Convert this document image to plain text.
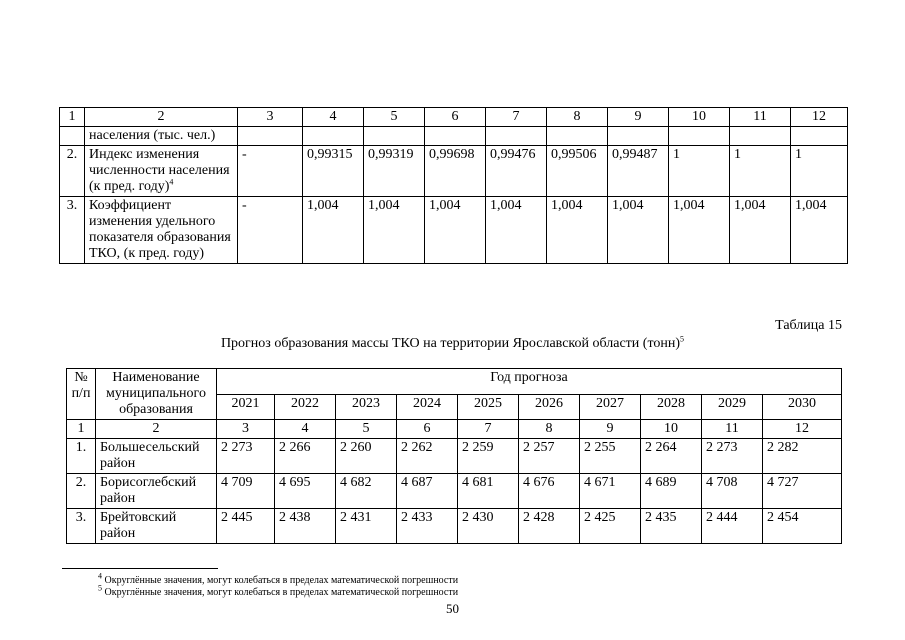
1	2	3	4	5	6	7	8	9	10	11	12	
	населения (тыс. чел.)											
2.	Индекс изменения численности населения (к пред. году)$^4$	-	0,99315	0,99319	0,99698	0,99476	0,99506	0,99487	1	1	1	
3.	Коэффициент изменения удельного показателя образования ТКО, (к пред. году)	-	1,004	1,004	1,004	1,004	1,004	1,004	1,004	1,004	1,004	
Таблица 15
Прогноз образования массы ТКО на территории Ярославской области (тонн)$^5$
№ п/п	Наименование муниципального образования	Год прогноза									
		2021	2022	2023	2024	2025	2026	2027	2028	2029	2030
1	2	3	4	5	6	7	8	9	10	11	12
1.	Большесельский район	2 273	2 266	2 260	2 262	2 259	2 257	2 255	2 264	2 273	2 282
2.	Борисоглебский район	4 709	4 695	4 682	4 687	4 681	4 676	4 671	4 689	4 708	4 727
3.	Брейтовский район	2 445	2 438	2 431	2 433	2 430	2 428	2 425	2 435	2 444	2 454
$^4$ Округлённые значения, могут колебаться в пределах математической погрешности
$^5$ Округлённые значения, могут колебаться в пределах математической погрешности
50
